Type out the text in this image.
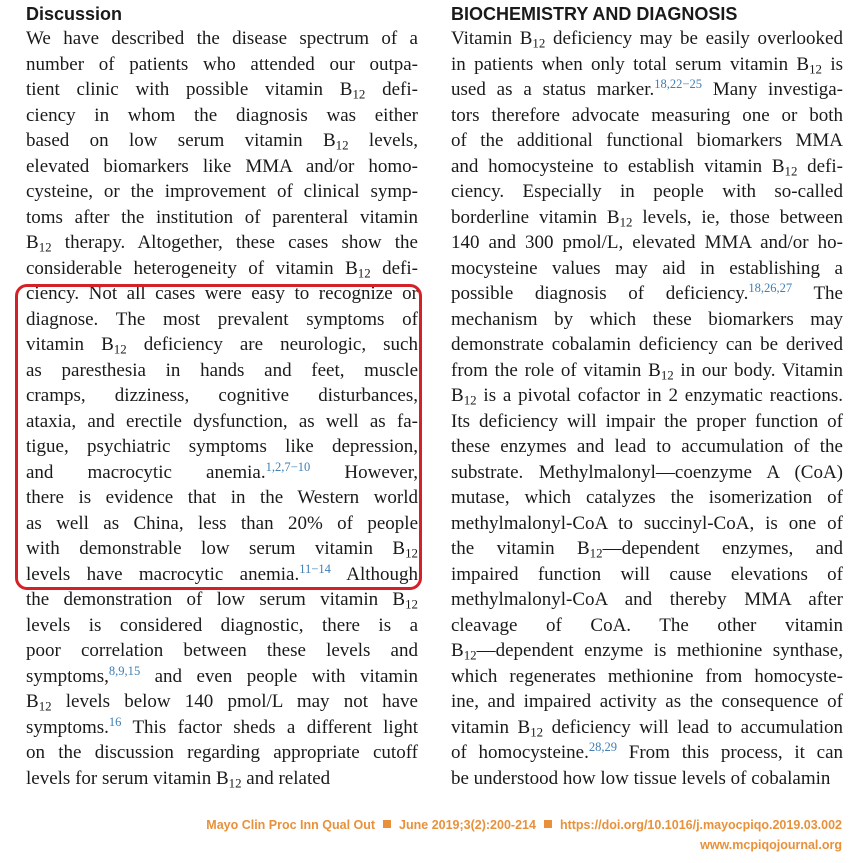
Discussion
We have described the disease spectrum of a
number of patients who attended our outpa-
tient clinic with possible vitamin $B_{12}$ defi-
ciency in whom the diagnosis was either
based on low serum vitamin $B_{12}$ levels,
elevated biomarkers like MMA and/or homo-
cysteine, or the improvement of clinical symp-
toms after the institution of parenteral vitamin
$B_{12}$ therapy. Altogether, these cases show the
considerable heterogeneity of vitamin $B_{12}$ defi-
ciency. Not all cases were easy to recognize or
diagnose. The most prevalent symptoms of
vitamin $B_{12}$ deficiency are neurologic, such
as paresthesia in hands and feet, muscle
cramps, dizziness, cognitive disturbances,
ataxia, and erectile dysfunction, as well as fa-
tigue, psychiatric symptoms like depression,
and macrocytic anemia.$^{1,2,7-10}$ However,
there is evidence that in the Western world
as well as China, less than 20% of people
with demonstrable low serum vitamin $B_{12}$
levels have macrocytic anemia.$^{11-14}$ Although
the demonstration of low serum vitamin $B_{12}$
levels is considered diagnostic, there is a
poor correlation between these levels and
symptoms,$^{8,9,15}$ and even people with vitamin
$B_{12}$ levels below 140 pmol/L may not have
symptoms.$^{16}$ This factor sheds a different light
on the discussion regarding appropriate cutoff
levels for serum vitamin $B_{12}$ and related
BIOCHEMISTRY AND DIAGNOSIS
Vitamin $B_{12}$ deficiency may be easily overlooked
in patients when only total serum vitamin $B_{12}$ is
used as a status marker.$^{18,22-25}$ Many investiga-
tors therefore advocate measuring one or both
of the additional functional biomarkers MMA
and homocysteine to establish vitamin $B_{12}$ defi-
ciency. Especially in people with so-called
borderline vitamin $B_{12}$ levels, ie, those between
140 and 300 pmol/L, elevated MMA and/or ho-
mocysteine values may aid in establishing a
possible diagnosis of deficiency.$^{18,26,27}$ The
mechanism by which these biomarkers may
demonstrate cobalamin deficiency can be derived
from the role of vitamin $B_{12}$ in our body. Vitamin
$B_{12}$ is a pivotal cofactor in 2 enzymatic reactions.
Its deficiency will impair the proper function of
these enzymes and lead to accumulation of the
substrate. Methylmalonyl—coenzyme A (CoA)
mutase, which catalyzes the isomerization of
methylmalonyl-CoA to succinyl-CoA, is one of
the vitamin $B_{12}—dependent$ enzymes, and
impaired function will cause elevations of
methylmalonyl-CoA and thereby MMA after
cleavage of CoA. The other vitamin
$B_{12}—dependent$ enzyme is methionine synthase,
which regenerates methionine from homocyste-
ine, and impaired activity as the consequence of
vitamin $B_{12}$ deficiency will lead to accumulation
of homocysteine.$^{28,29}$ From this process, it can
be understood how low tissue levels of cobalamin
Mayo Clin Proc Inn Qual Out June 2019;3(2):200-214 https://doi.org/10.1016/j.mayocpiqo.2019.03.002
www.mcpiqojournal.org
